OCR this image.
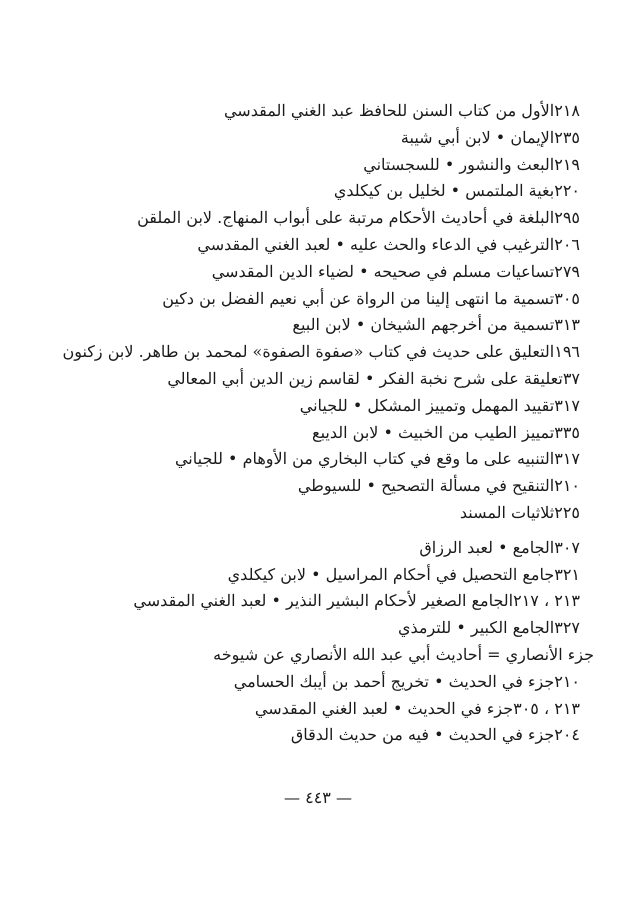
الأول من كتاب السنن للحافظ عبد الغني المقدسي٢١٨
الإيمان • لابن أبي شيبة٢٣٥
البعث والنشور • للسجستاني٢١٩
بغية الملتمس • لخليل بن كيكلدي٢٢٠
البلغة في أحاديث الأحكام مرتبة على أبواب المنهاج. لابن الملقن٢٩٥
الترغيب في الدعاء والحث عليه • لعبد الغني المقدسي٢٠٦
تساعيات مسلم في صحيحه • لضياء الدين المقدسي٢٧٩
تسمية ما انتهى إلينا من الرواة عن أبي نعيم الفضل بن دكين٣٠٥
تسمية من أخرجهم الشيخان • لابن البيع٣١٣
التعليق على حديث في كتاب «صفوة الصفوة» لمحمد بن طاهر. لابن زكنون١٩٦
تعليقة على شرح نخبة الفكر • لقاسم زين الدين أبي المعالي٣٧
تقييد المهمل وتمييز المشكل • للجياني٣١٧
تمييز الطيب من الخبيث • لابن الديبع٣٣٥
التنبيه على ما وقع في كتاب البخاري من الأوهام • للجياني٣١٧
التنقيح في مسألة التصحيح • للسيوطي٢١٠
ثلاثيات المسند٢٢٥
الجامع • لعبد الرزاق٣٠٧
جامع التحصيل في أحكام المراسيل • لابن كيكلدي٣٢١
الجامع الصغير لأحكام البشير النذير • لعبد الغني المقدسي٢١٣ ، ٢١٧
الجامع الكبير • للترمذي٣٢٧
جزء الأنصاري = أحاديث أبي عبد الله الأنصاري عن شيوخه
جزء في الحديث • تخريج أحمد بن أيبك الحسامي٢١٠
جزء في الحديث • لعبد الغني المقدسي٢١٣ ، ٣٠٥
جزء في الحديث • فيه من حديث الدقاق٢٠٤
— ٤٤٣ —
